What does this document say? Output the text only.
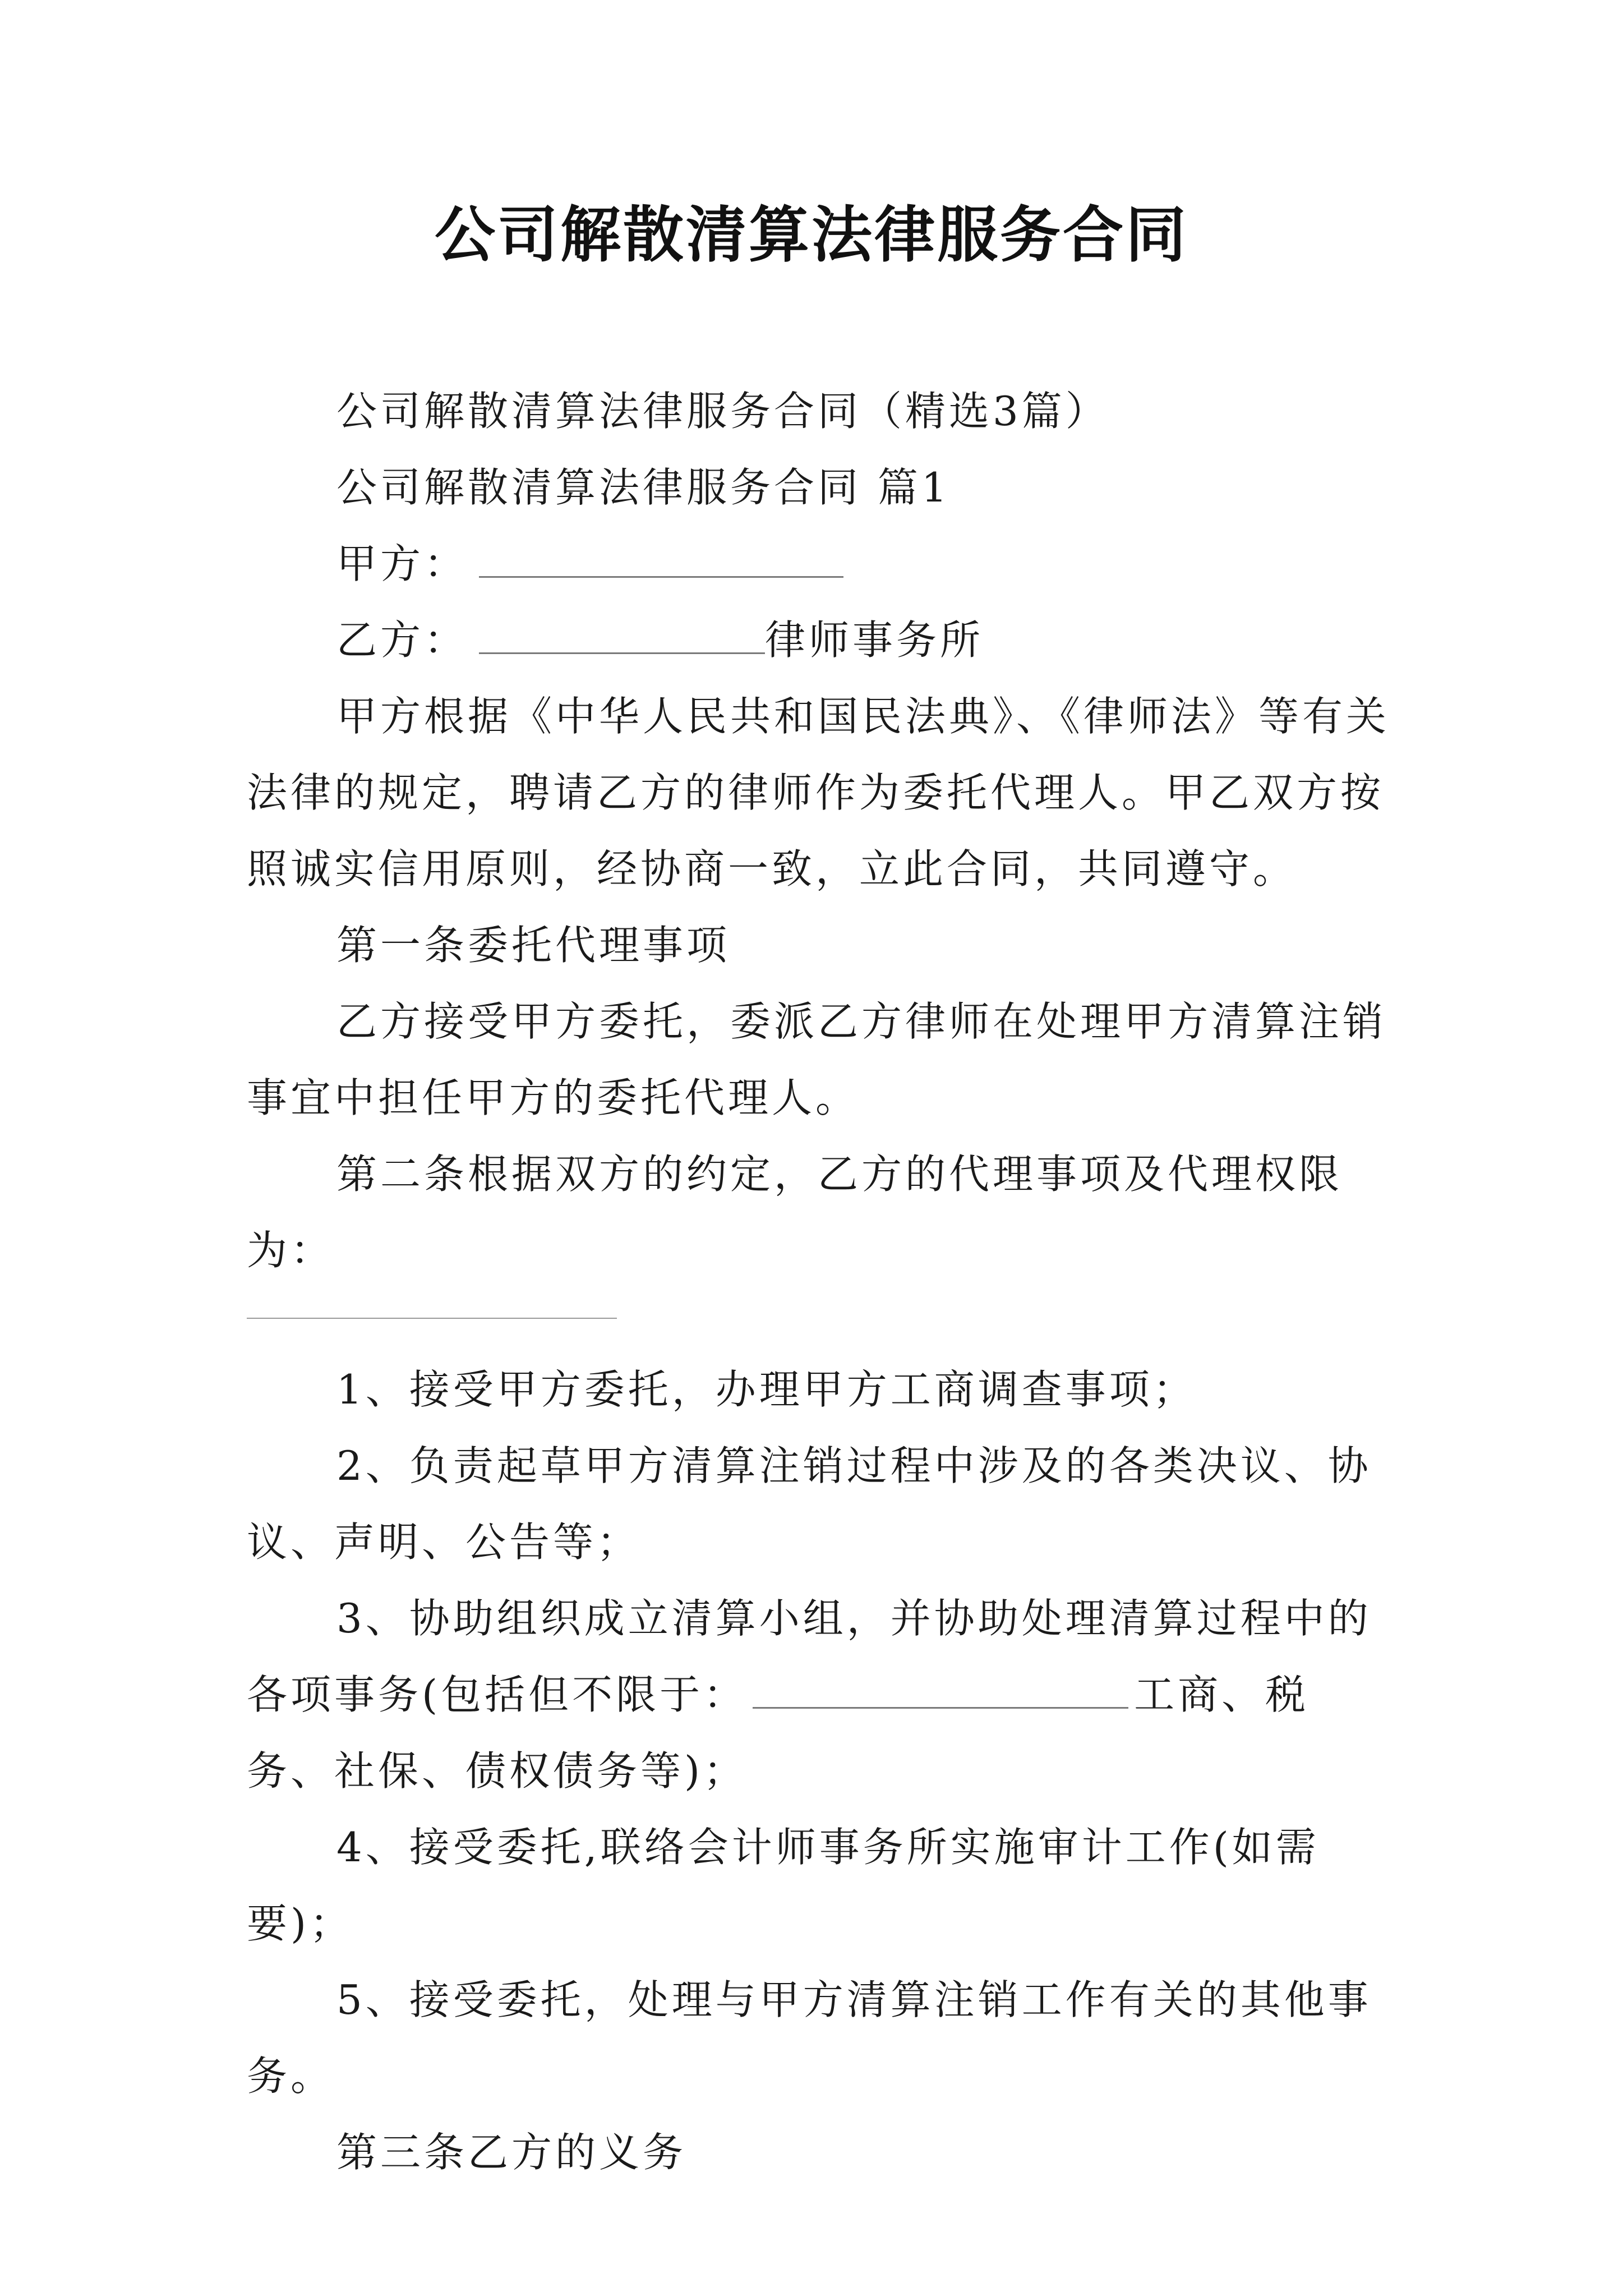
公司解散清算法律服务合同

公司解散清算法律服务合同（精选3篇）

公司解散清算法律服务合同 篇1

甲方：

乙方：	律师事务所

甲方根据《中华人民共和国民法典》、《律师法》等有关法律的规定，聘请乙方的律师作为委托代理人。甲乙双方按照诚实信用原则，经协商一致，立此合同，共同遵守。

第一条委托代理事项

乙方接受甲方委托，委派乙方律师在处理甲方清算注销事宜中担任甲方的委托代理人。

第二条根据双方的约定，乙方的代理事项及代理权限为：

1、接受甲方委托，办理甲方工商调查事项；

2、负责起草甲方清算注销过程中涉及的各类决议、协议、声明、公告等；

3、协助组织成立清算小组，并协助处理清算过程中的各项事务(包括但不限于：	工商、税务、社保、债权债务等)；

4、接受委托,联络会计师事务所实施审计工作(如需要)；

5、接受委托，处理与甲方清算注销工作有关的其他事务。

第三条乙方的义务
